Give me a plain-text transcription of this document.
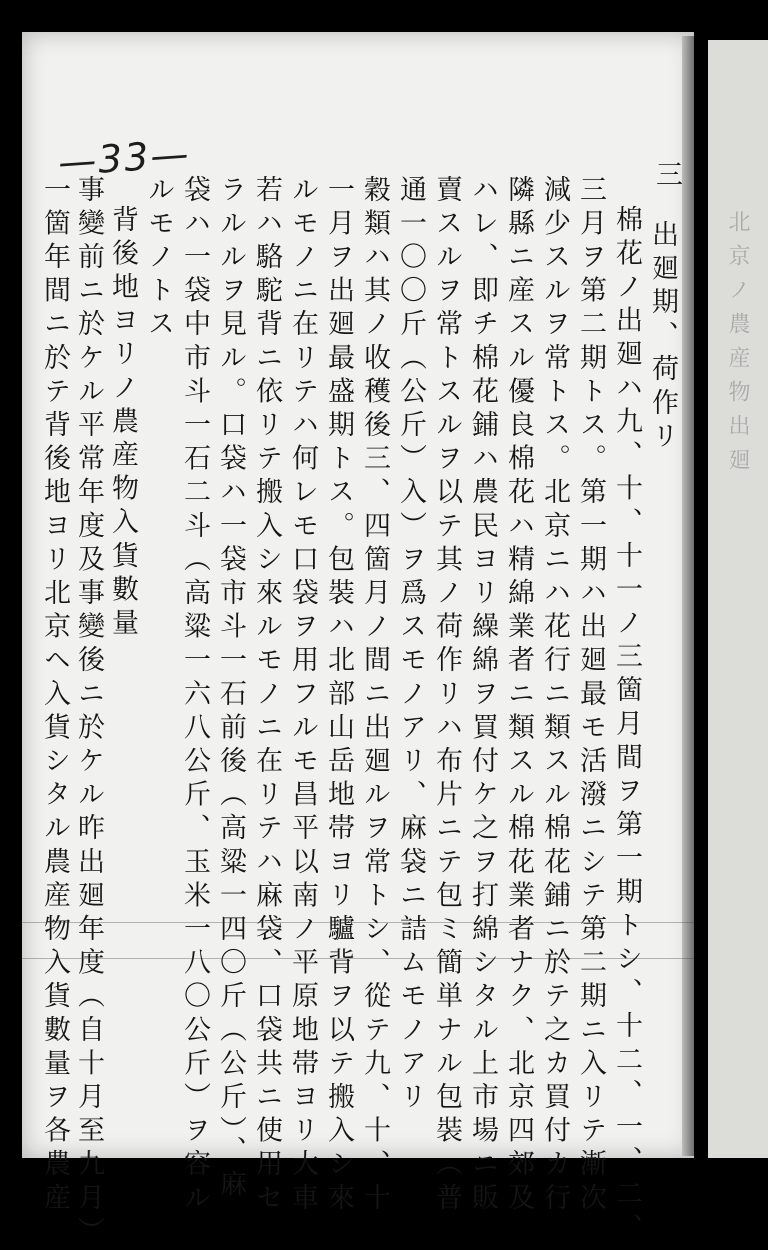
北京ノ農産物出廻
—33—	三
出廻期、荷作リ
棉花ノ出廻ハ九、十、十一ノ三箇月間ヲ第一期トシ、十二、一、二、
三月ヲ第二期トス。第一期ハ出廻最モ活潑ニシテ第二期ニ入リテ漸次
減少スルヲ常トス。北京ニハ花行ニ類スル棉花鋪ニ於テ之カ買付カ行
隣縣ニ産スル優良棉花ハ精綿業者ニ類スル棉花業者ナク、北京四郊及
ハレ、即チ棉花鋪ハ農民ヨリ繰綿ヲ買付ケ之ヲ打綿シタル上市場ニ販
賣スルヲ常トスルヲ以テ其ノ荷作リハ布片ニテ包ミ簡単ナル包裝（普
通一〇〇斤（公斤）入）ヲ爲スモノアリ、麻袋ニ詰ムモノアリ
穀類ハ其ノ收穫後三、四箇月ノ間ニ出廻ルヲ常トシ、從テ九、十、十
一月ヲ出廻最盛期トス。包裝ハ北部山岳地帯ヨリ驢背ヲ以テ搬入シ來
ルモノニ在リテハ何レモ口袋ヲ用フルモ昌平以南ノ平原地帯ヨリ大車
若ハ駱駝背ニ依リテ搬入シ來ルモノニ在リテハ麻袋、口袋共ニ使用セ
ラルルヲ見ル。口袋ハ一袋市斗一石前後（高粱一四〇斤（公斤）、麻
袋ハ一袋中市斗一石二斗（高粱一六八公斤、玉米一八〇公斤）ヲ容ル
ルモノトス
背後地ヨリノ農産物入貨數量
事變前ニ於ケル平常年度及事變後ニ於ケル昨出廻年度（自十月至九月）
一箇年間ニ於テ背後地ヨリ北京ヘ入貨シタル農産物入貨數量ヲ各農産
